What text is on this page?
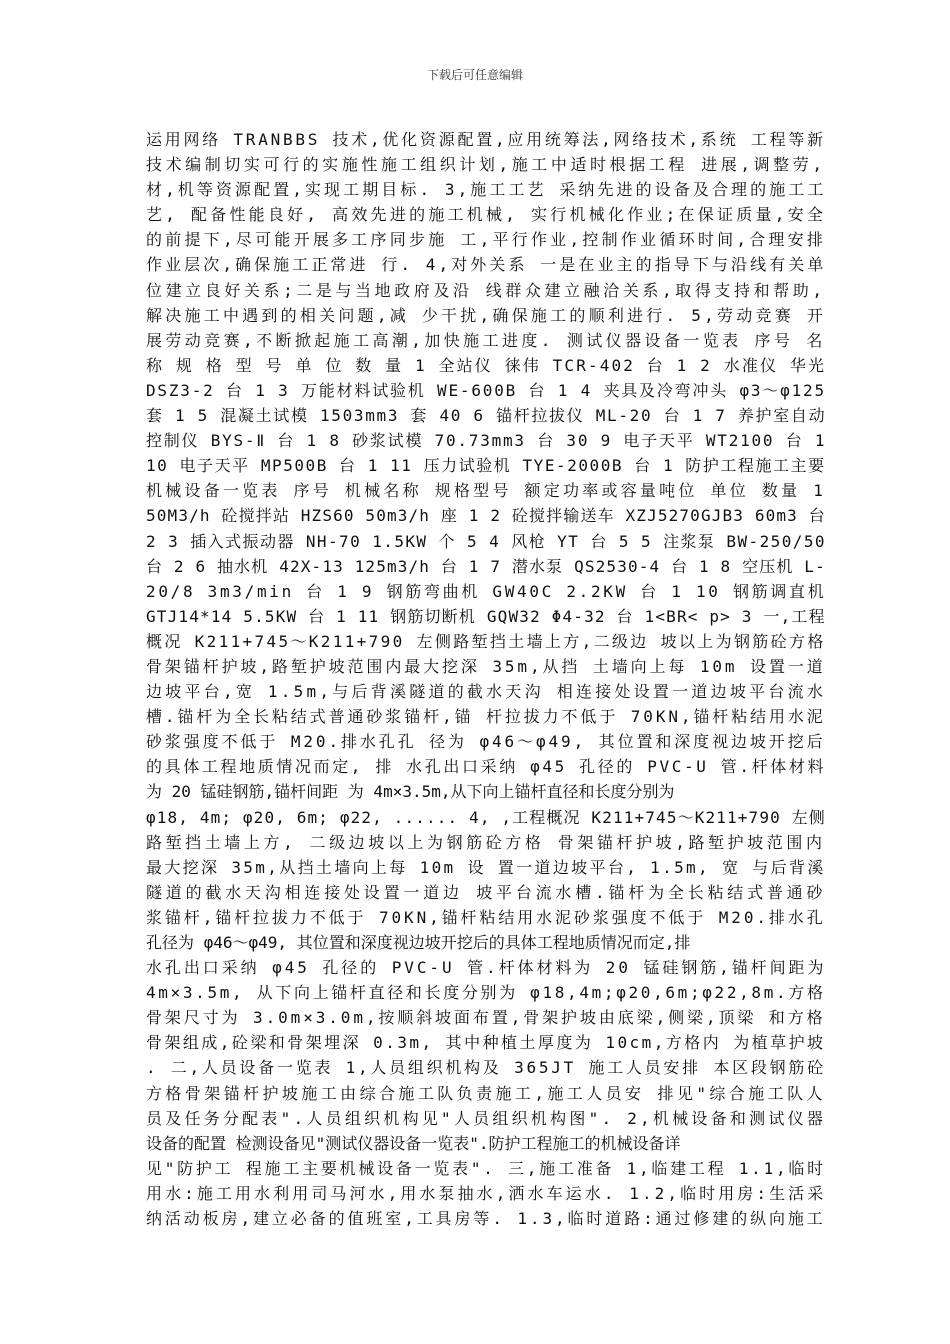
下载后可任意编辑
运用网络 TRANBBS 技术,优化资源配置,应用统筹法,网络技术,系统 工程等新
技术编制切实可行的实施性施工组织计划,施工中适时根据工程 进展,调整劳,
材,机等资源配置,实现工期目标. 3,施工工艺 采纳先进的设备及合理的施工工
艺, 配备性能良好, 高效先进的施工机械, 实行机械化作业;在保证质量,安全
的前提下,尽可能开展多工序同步施 工,平行作业,控制作业循环时间,合理安排
作业层次,确保施工正常进 行. 4,对外关系 一是在业主的指导下与沿线有关单
位建立良好关系;二是与当地政府及沿 线群众建立融洽关系,取得支持和帮助,
解决施工中遇到的相关问题,减 少干扰,确保施工的顺利进行. 5,劳动竞赛 开
展劳动竞赛,不断掀起施工高潮,加快施工进度. 测试仪器设备一览表 序号 名
称 规 格 型 号 单 位 数 量 1 全站仪 徕伟 TCR-402 台 1 2 水准仪 华光
DSZ3-2 台 1 3 万能材料试验机 WE-600B 台 1 4 夹具及冷弯冲头 φ3～φ125
套 1 5 混凝土试模 1503mm3 套 40 6 锚杆拉拔仪 ML-20 台 1 7 养护室自动
控制仪 BYS-Ⅱ 台 1 8 砂浆试模 70.73mm3 台 30 9 电子天平 WT2100 台 1
10 电子天平 MP500B 台 1 11 压力试验机 TYE-2000B 台 1 防护工程施工主要
机械设备一览表 序号 机械名称 规格型号 额定功率或容量吨位 单位 数量 1
50M3/h 砼搅拌站 HZS60 50m3/h 座 1 2 砼搅拌输送车 XZJ5270GJB3 60m3 台
2 3 插入式振动器 NH-70 1.5KW 个 5 4 风枪 YT 台 5 5 注浆泵 BW-250/50
台 2 6 抽水机 42X-13 125m3/h 台 1 7 潜水泵 QS2530-4 台 1 8 空压机 L-
20/8 3m3/min 台 1 9 钢筋弯曲机 GW40C 2.2KW 台 1 10 钢筋调直机
GTJ14*14 5.5KW 台 1 11 钢筋切断机 GQW32 Φ4-32 台 1<BR< p> 3 一,工程
概况 K211+745～K211+790 左侧路堑挡土墙上方,二级边 坡以上为钢筋砼方格
骨架锚杆护坡,路堑护坡范围内最大挖深 35m,从挡 土墙向上每 10m 设置一道
边坡平台,宽 1.5m,与后背溪隧道的截水天沟 相连接处设置一道边坡平台流水
槽.锚杆为全长粘结式普通砂浆锚杆,锚 杆拉拔力不低于 70KN,锚杆粘结用水泥
砂浆强度不低于 M20.排水孔孔 径为 φ46～φ49, 其位置和深度视边坡开挖后
的具体工程地质情况而定, 排 水孔出口采纳 φ45 孔径的 PVC-U 管.杆体材料
为 20 锰硅钢筋,锚杆间距 为 4m×3.5m,从下向上锚杆直径和长度分别为
φ18, 4m; φ20, 6m; φ22, ...... 4, ,工程概况 K211+745～K211+790 左侧
路堑挡土墙上方, 二级边坡以上为钢筋砼方格 骨架锚杆护坡,路堑护坡范围内
最大挖深 35m,从挡土墙向上每 10m 设 置一道边坡平台, 1.5m, 宽 与后背溪
隧道的截水天沟相连接处设置一道边 坡平台流水槽.锚杆为全长粘结式普通砂
浆锚杆,锚杆拉拔力不低于 70KN,锚杆粘结用水泥砂浆强度不低于 M20.排水孔
孔径为 φ46～φ49, 其位置和深度视边坡开挖后的具体工程地质情况而定,排
水孔出口采纳 φ45 孔径的 PVC-U 管.杆体材料为 20 锰硅钢筋,锚杆间距为
4m×3.5m, 从下向上锚杆直径和长度分别为 φ18,4m;φ20,6m;φ22,8m.方格
骨架尺寸为 3.0m×3.0m,按顺斜坡面布置,骨架护坡由底梁,侧梁,顶梁 和方格
骨架组成,砼梁和骨架埋深 0.3m, 其中种植土厚度为 10cm,方格内 为植草护坡
. 二,人员设备一览表 1,人员组织机构及 365JT 施工人员安排 本区段钢筋砼
方格骨架锚杆护坡施工由综合施工队负责施工,施工人员安 排见"综合施工队人
员及任务分配表".人员组织机构见"人员组织机构图". 2,机械设备和测试仪器
设备的配置 检测设备见"测试仪器设备一览表".防护工程施工的机械设备详
见"防护工 程施工主要机械设备一览表". 三,施工准备 1,临建工程 1.1,临时
用水:施工用水利用司马河水,用水泵抽水,洒水车运水. 1.2,临时用房:生活采
纳活动板房,建立必备的值班室,工具房等. 1.3,临时道路:通过修建的纵向施工
